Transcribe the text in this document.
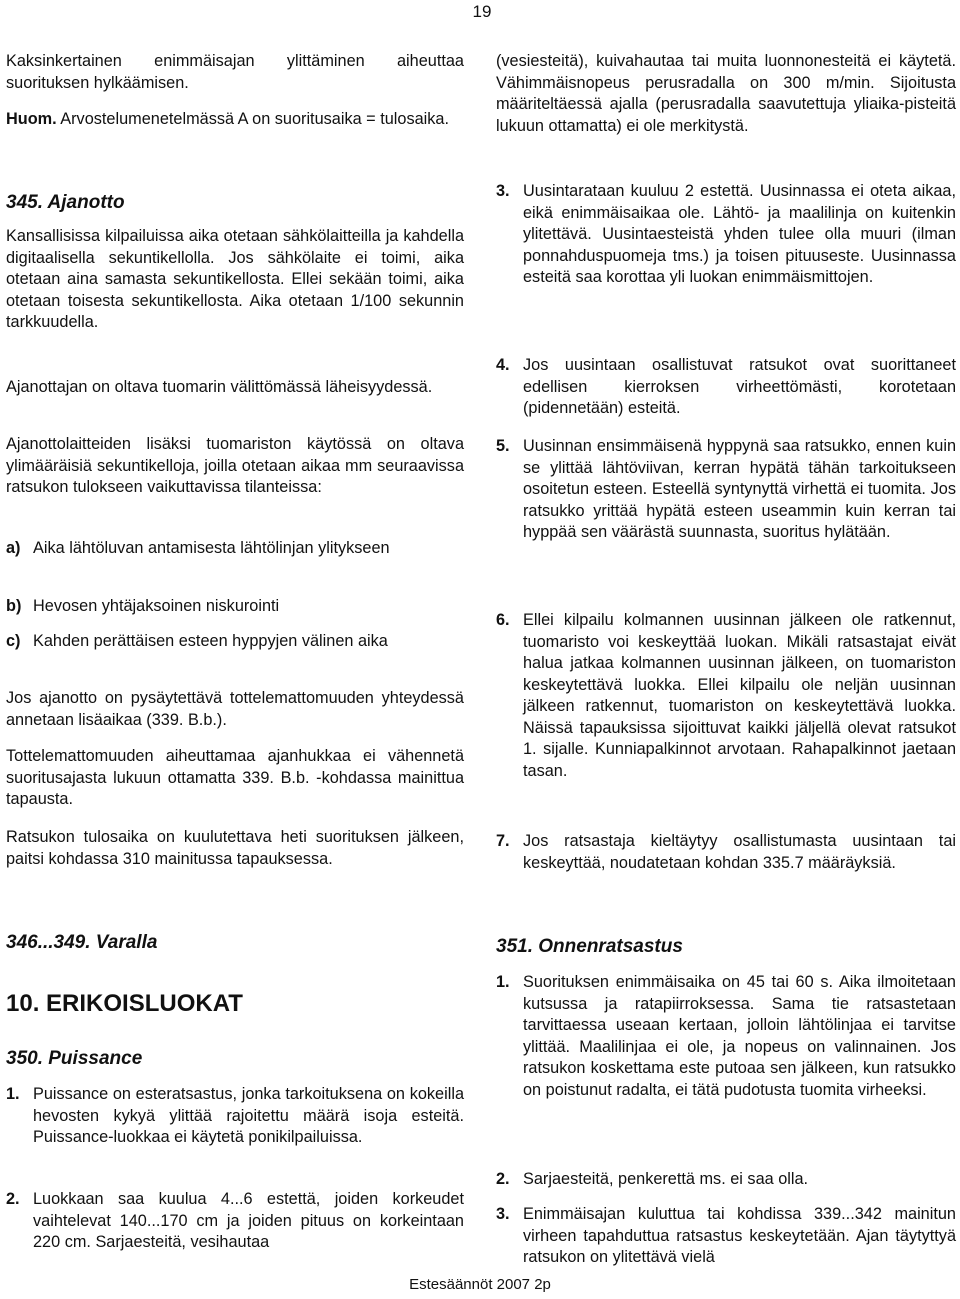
19
Kaksinkertainen enimmäisajan ylittäminen aiheuttaa suorituksen hylkäämisen.
Huom. Arvostelumenetelmässä A on suoritusaika = tulosaika.
345. Ajanotto
Kansallisissa kilpailuissa aika otetaan sähkölaitteilla ja kahdella digitaalisella sekuntikellolla. Jos sähkölaite ei toimi, aika otetaan aina samasta sekuntikellosta. Ellei sekään toimi, aika otetaan toisesta sekuntikellosta. Aika otetaan 1/100 sekunnin tarkkuudella.
Ajanottajan on oltava tuomarin välittömässä läheisyydessä.
Ajanottolaitteiden lisäksi tuomariston käytössä on oltava ylimääräisiä sekuntikelloja, joilla otetaan aikaa mm seuraavissa ratsukon tulokseen vaikuttavissa tilanteissa:
a) Aika lähtöluvan antamisesta lähtölinjan ylitykseen
b) Hevosen yhtäjaksoinen niskurointi
c) Kahden perättäisen esteen hyppyjen välinen aika
Jos ajanotto on pysäytettävä tottelemattomuuden yhteydessä annetaan lisäaikaa (339. B.b.).
Tottelemattomuuden aiheuttamaa ajanhukkaa ei vähennetä suoritusajasta lukuun ottamatta 339. B.b. -kohdassa mainittua tapausta.
Ratsukon tulosaika on kuulutettava heti suorituksen jälkeen, paitsi kohdassa 310 mainitussa tapauksessa.
346...349. Varalla
10. ERIKOISLUOKAT
350. Puissance
1. Puissance on esteratsastus, jonka tarkoituksena on kokeilla hevosten kykyä ylittää rajoitettu määrä isoja esteitä. Puissance-luokkaa ei käytetä ponikilpailuissa.
2. Luokkaan saa kuulua 4...6 estettä, joiden korkeudet vaihtelevat 140...170 cm ja joiden pituus on korkeintaan 220 cm. Sarjaesteitä, vesihautaa
(vesiesteitä), kuivahautaa tai muita luonnonesteitä ei käytetä. Vähimmäisnopeus perusradalla on 300 m/min. Sijoitusta määriteltäessä ajalla (perusradalla saavutettuja yliaika-pisteitä lukuun ottamatta) ei ole merkitystä.
3. Uusintarataan kuuluu 2 estettä. Uusinnassa ei oteta aikaa, eikä enimmäisaikaa ole. Lähtö- ja maalilinja on kuitenkin ylitettävä. Uusintaesteistä yhden tulee olla muuri (ilman ponnahduspuomeja tms.) ja toisen pituuseste. Uusinnassa esteitä saa korottaa yli luokan enimmäismittojen.
4. Jos uusintaan osallistuvat ratsukot ovat suorittaneet edellisen kierroksen virheettömästi, korotetaan (pidennetään) esteitä.
5. Uusinnan ensimmäisenä hyppynä saa ratsukko, ennen kuin se ylittää lähtöviivan, kerran hypätä tähän tarkoitukseen osoitetun esteen. Esteellä syntynyttä virhettä ei tuomita. Jos ratsukko yrittää hypätä esteen useammin kuin kerran tai hyppää sen väärästä suunnasta, suoritus hylätään.
6. Ellei kilpailu kolmannen uusinnan jälkeen ole ratkennut, tuomaristo voi keskeyttää luokan. Mikäli ratsastajat eivät halua jatkaa kolmannen uusinnan jälkeen, on tuomariston keskeytettävä luokka. Ellei kilpailu ole neljän uusinnan jälkeen ratkennut, tuomariston on keskeytettävä luokka. Näissä tapauksissa sijoittuvat kaikki jäljellä olevat ratsukot 1. sijalle. Kunniapalkinnot arvotaan. Rahapalkinnot jaetaan tasan.
7. Jos ratsastaja kieltäytyy osallistumasta uusintaan tai keskeyttää, noudatetaan kohdan 335.7 määräyksiä.
351. Onnenratsastus
1. Suorituksen enimmäisaika on 45 tai 60 s. Aika ilmoitetaan kutsussa ja ratapiirroksessa. Sama tie ratsastetaan tarvittaessa useaan kertaan, jolloin lähtölinjaa ei tarvitse ylittää. Maalilinjaa ei ole, ja nopeus on valinnainen. Jos ratsukon koskettama este putoaa sen jälkeen, kun ratsukko on poistunut radalta, ei tätä pudotusta tuomita virheeksi.
2. Sarjaesteitä, penkerettä ms. ei saa olla.
3. Enimmäisajan kuluttua tai kohdissa 339...342 mainitun virheen tapahduttua ratsastus keskeytetään. Ajan täytyttyä ratsukon on ylitettävä vielä
Estesäännöt 2007 2p
